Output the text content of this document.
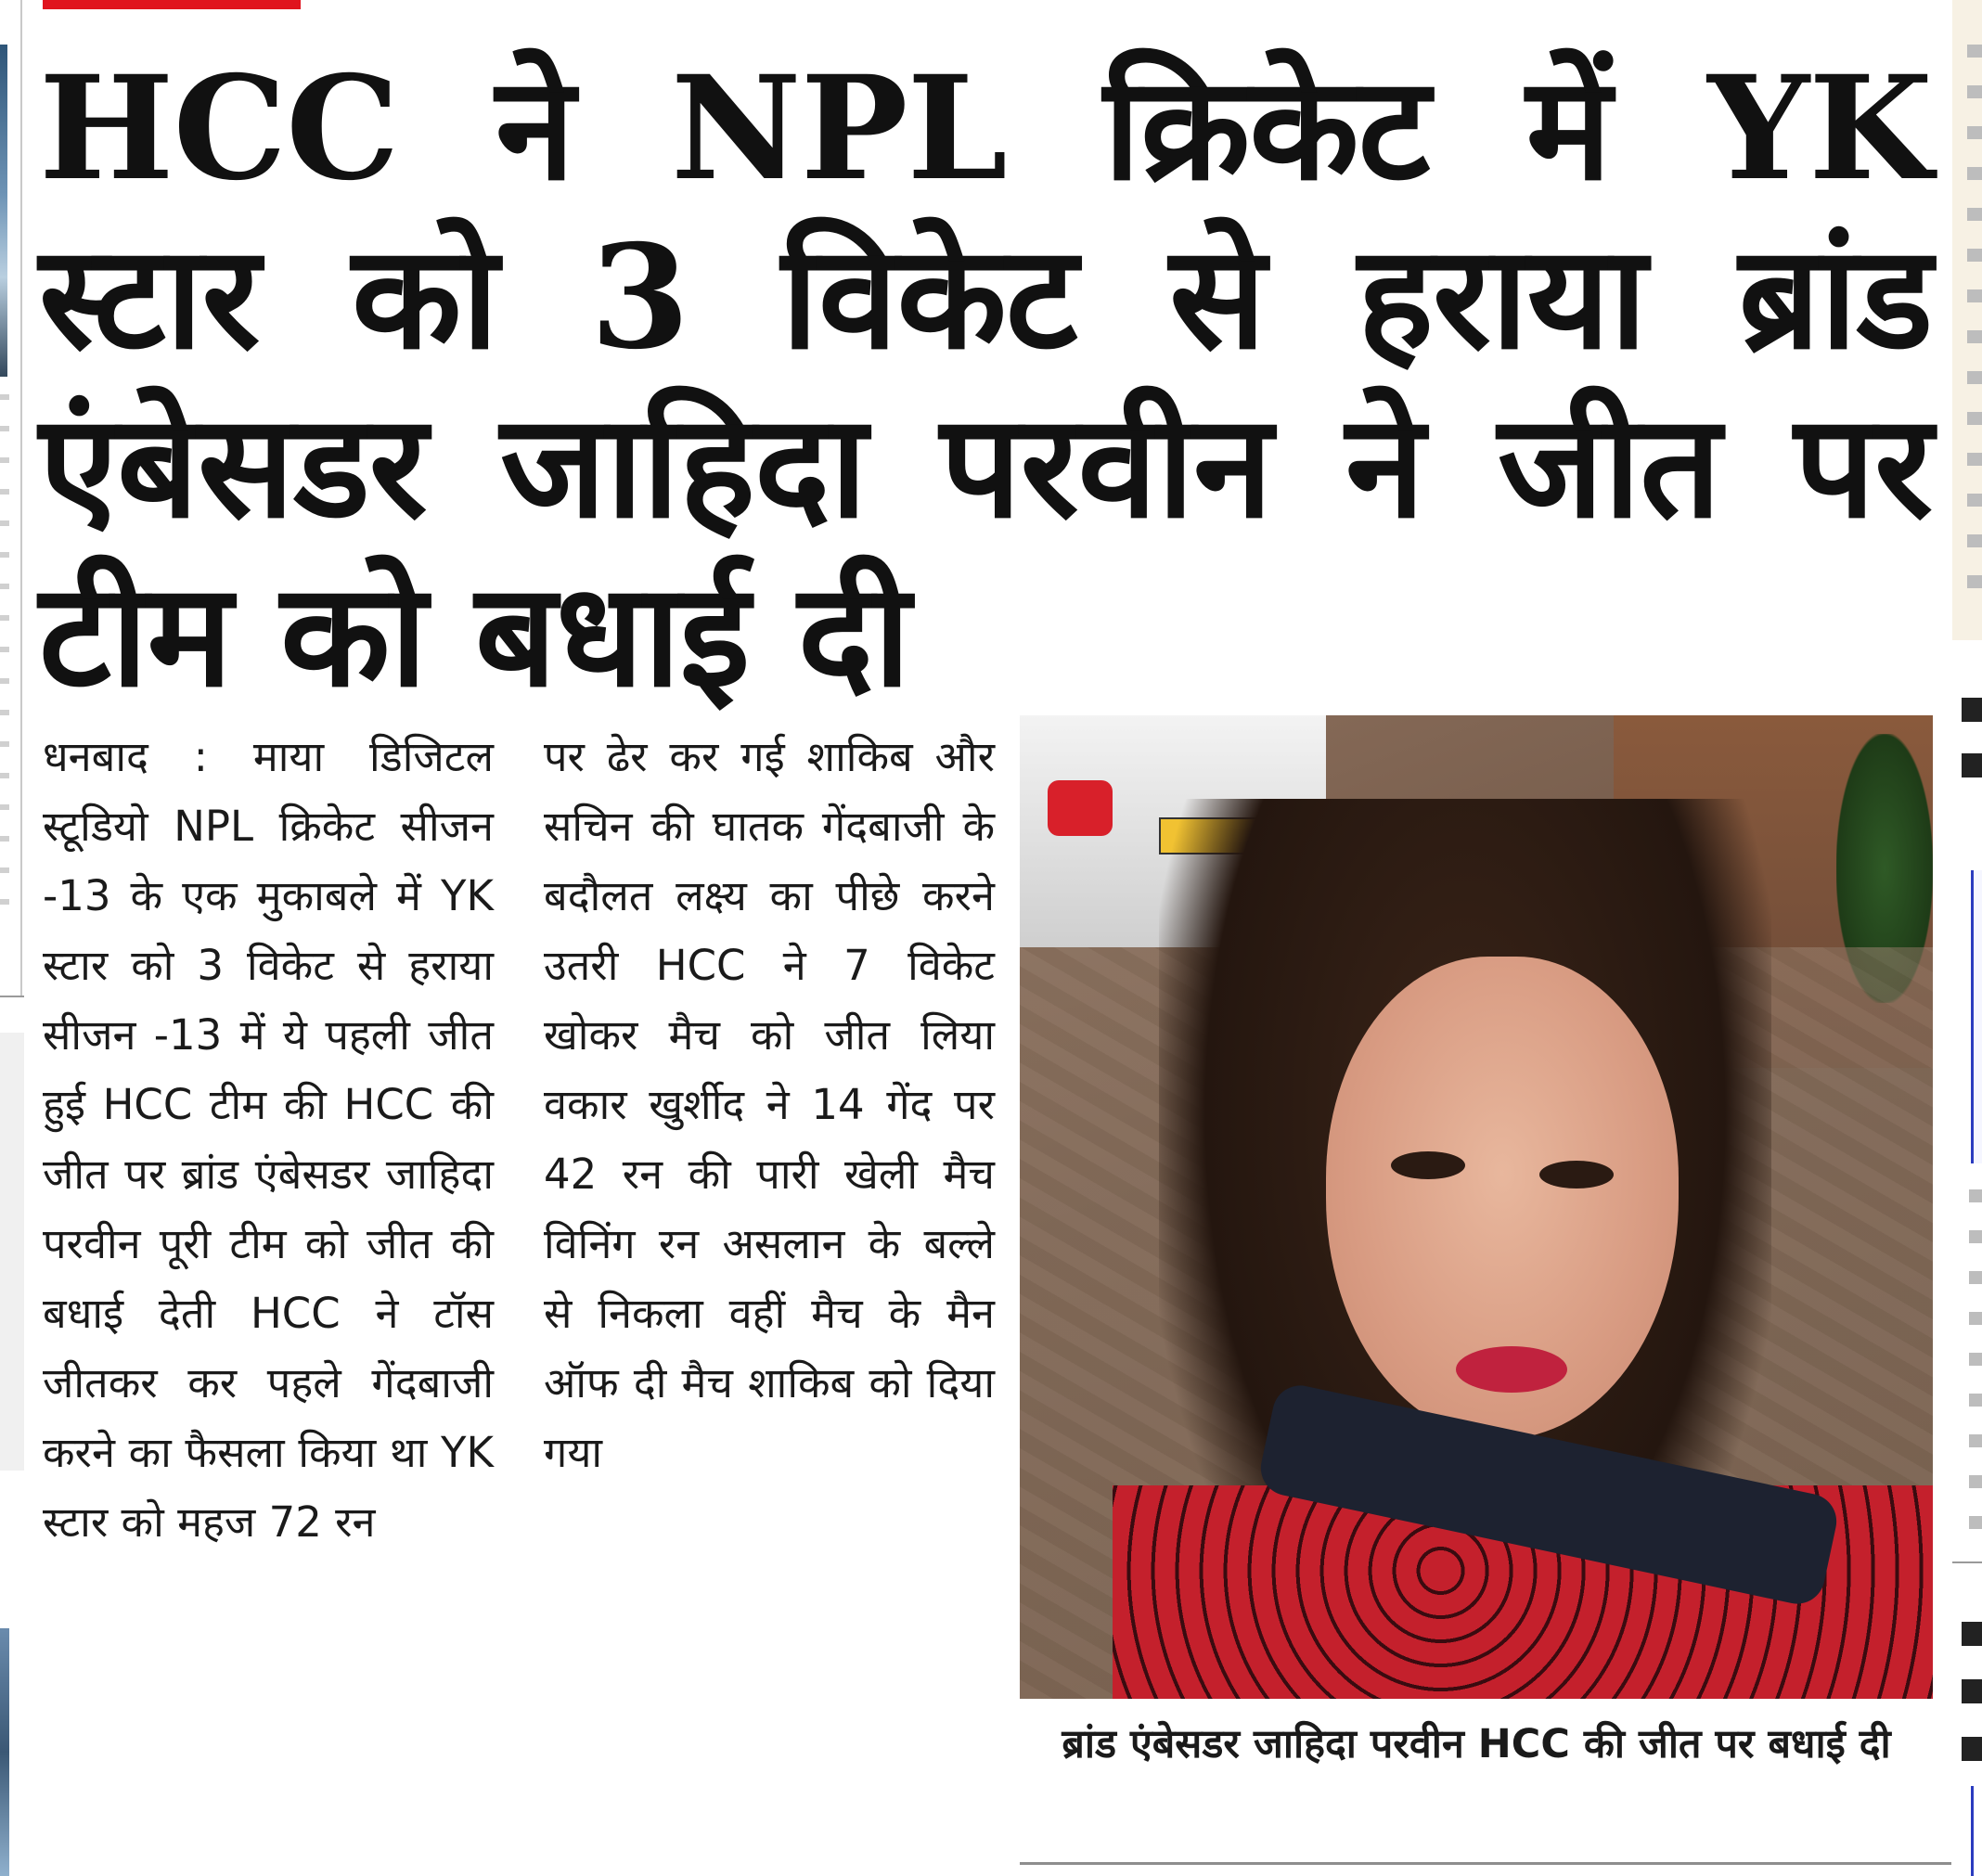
HCC ने NPL क्रिकेट में YK स्टार को 3 विकेट से हराया ब्रांड एंबेसडर जाहिदा परवीन ने जीत पर टीम को बधाई दी

धनबाद : माया डिजिटल स्टूडियो NPL क्रिकेट सीजन -13 के एक मुकाबले में YK स्टार को 3 विकेट से हराया सीजन -13 में ये पहली जीत हुई HCC टीम की HCC की जीत पर ब्रांड एंबेसडर जाहिदा परवीन पूरी टीम को जीत की बधाई देती HCC ने टॉस जीतकर कर पहले गेंदबाजी करने का फैसला किया था YK स्टार को महज 72 रन

पर ढेर कर गई शाकिब और सचिन की घातक गेंदबाजी के बदौलत लक्ष्य का पीछे करने उतरी HCC ने 7 विकेट खोकर मैच को जीत लिया वकार खुर्शीद ने 14 गेंद पर 42 रन की पारी खेली मैच विनिंग रन असलान के बल्ले से निकला वहीं मैच के मैन ऑफ दी मैच शाकिब को दिया गया

ब्रांड एंबेसडर जाहिदा परवीन HCC की जीत पर बधाई दी
